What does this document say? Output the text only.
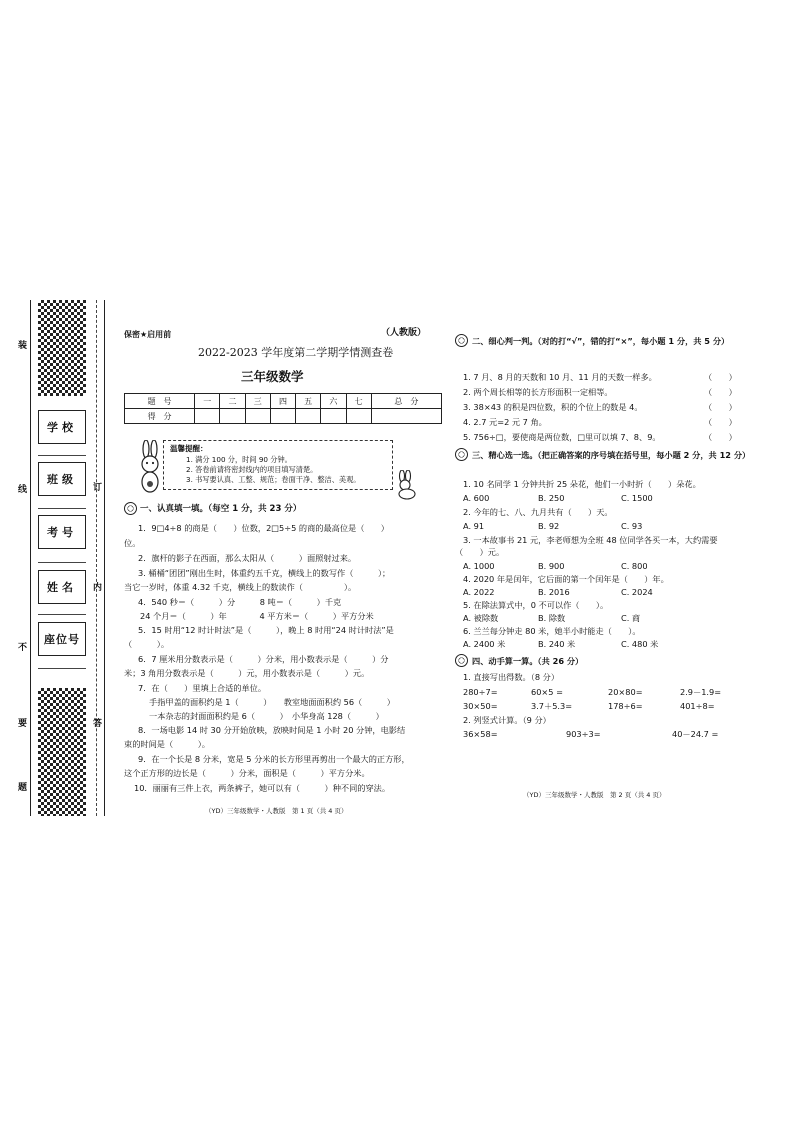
学校
班级
考号
姓名
座位号
装
订
线
内
不
要	答
题
保密★启用前	（人教版）
2022-2023 学年度第二学期学情测查卷
三年级数学
题　号	一	二	三	四	五	六	七	总　分
得　分								
温馨提醒：
1. 满分 100 分，时间 90 分钟。
2. 答卷前请将密封线内的项目填写清楚。
3. 书写要认真、工整、规范；卷面干净、整洁、美观。
一、认真填一填。（每空 1 分，共 23 分）
1．9□4÷8 的商是（　　）位数，2□5÷5 的商的最高位是（　　）
位。
2．旗杆的影子在西面，那么太阳从（　　　）面照射过来。
3. 桶桶“团团”刚出生时，体重约五千克，横线上的数写作（　　　）；
当它一岁时，体重 4.32 千克，横线上的数读作（　　　　　）。
4．540 秒＝（　　　）分　　　8 吨＝（　　　）千克
24 个月＝（　　　）年　　　　4 平方米＝（　　　）平方分米
5．15 时用“12 时计时法”是（　　　），晚上 8 时用“24 时计时法”是
（　　　）。
6．7 厘米用分数表示是（　　　）分米，用小数表示是（　　　）分
米；3 角用分数表示是（　　　）元，用小数表示是（　　　）元。
7．在（　　）里填上合适的单位。
手指甲盖的面积约是 1（　　　）　　教室地面面积约 56（　　　）
一本杂志的封面面积约是 6（　　　）　小华身高 128（　　　）
8．一场电影 14 时 30 分开始放映，放映时间是 1 小时 20 分钟，电影结
束的时间是（　　　）。
9．在一个长是 8 分米，宽是 5 分米的长方形里再剪出一个最大的正方形，
这个正方形的边长是（　　　）分米，面积是（　　　）平方分米。
10．丽丽有三件上衣，两条裤子，她可以有（　　　）种不同的穿法。
（YD）三年级数学・人教版　第 1 页（共 4 页）
二、细心判一判。（对的打“√”，错的打“×”，每小题 1 分，共 5 分）
1. 7 月、8 月的天数和 10 月、11 月的天数一样多。	（　　）
2. 两个周长相等的长方形面积一定相等。	（　　）
3. 38×43 的积是四位数，积的个位上的数是 4。	（　　）
4. 2.7 元=2 元 7 角。	（　　）
5. 756÷□，要使商是两位数，□里可以填 7、8、9。	（　　）
三、精心选一选。（把正确答案的序号填在括号里，每小题 2 分，共 12 分）
1. 10 名同学 1 分钟共折 25 朵花，他们一小时折（　　）朵花。
A. 600	B. 250	C. 1500
2. 今年的七、八、九月共有（　　）天。
A. 91	B. 92	C. 93
3. 一本故事书 21 元，李老师想为全班 48 位同学各买一本，大约需要
（　　）元。
A. 1000	B. 900	C. 800
4. 2020 年是闰年，它后面的第一个闰年是（　　）年。
A. 2022	B. 2016	C. 2024
5. 在除法算式中，0 不可以作（　　）。
A. 被除数	B. 除数	C. 商
6. 兰兰每分钟走 80 米，她半小时能走（　　）。
A. 2400 米	B. 240 米	C. 480 米
四、动手算一算。（共 26 分）
1. 直接写出得数。（8 分）
280÷7=	60×5 =	20×80=	2.9－1.9=
30×50=	3.7＋5.3=	178÷6=	401÷8=
2. 列竖式计算。（9 分）
36×58=	903÷3=	40－24.7 =
（YD）三年级数学・人教版　第 2 页（共 4 页）
